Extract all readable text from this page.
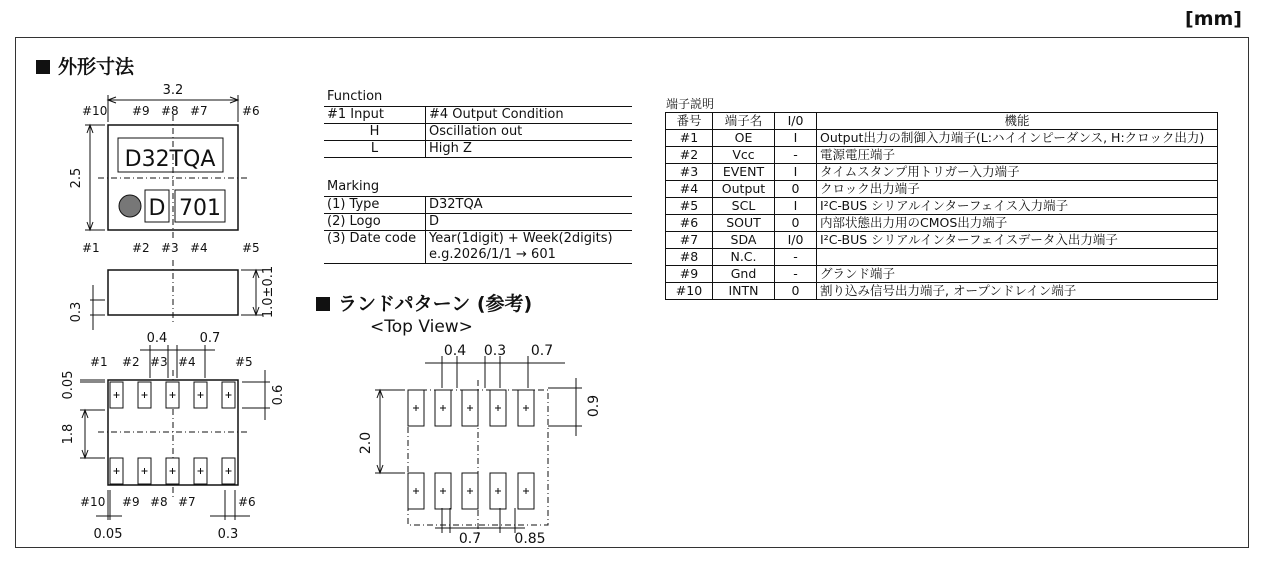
[mm]
外形寸法
3.2
2.5
D32TQA
D 701
#10 #9 #8 #7	#6
#1	#2 #3 #4	#5
0.3	1.0±0.1
0.4 0.7
0.6
0.05
1.8
0.05	0.3
#1 #2 #3 #4	#5
#10 #9 #8 #7	#6
Function
#1 Input	#4 Output Condition
H	Oscillation out
L	High Z
Marking
(1) Type	D32TQA
(2) Logo	D
(3) Date code	Year(1digit) + Week(2digits)
e.g.2026/1/1 → 601
ランドパターン (参考)
<Top View>
0.4 0.3 0.7
0.9
2.0
0.7 0.85
端子説明
番号	端子名	I/0	機能
#1	OE	I	Output出力の制御入力端子(L:ハイインピーダンス, H:クロック出力)
#2	Vcc	-	電源電圧端子
#3	EVENT	I	タイムスタンプ用トリガー入力端子
#4	Output	0	クロック出力端子
#5	SCL	I	I²C-BUS シリアルインターフェイス入力端子
#6	SOUT	0	内部状態出力用のCMOS出力端子
#7	SDA	I/0	I²C-BUS シリアルインターフェイスデータ入出力端子
#8	N.C.	-	
#9	Gnd	-	グランド端子
#10	INTN	0	割り込み信号出力端子, オープンドレイン端子
